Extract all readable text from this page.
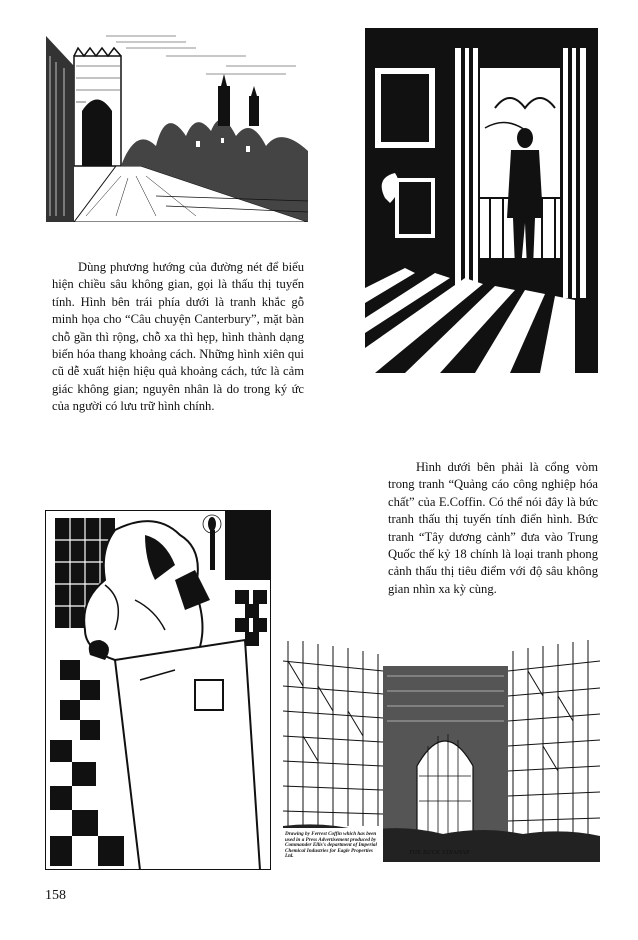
Dùng phương hướng của đường nét để biểu hiện chiều sâu không gian, gọi là thấu thị tuyến tính. Hình bên trái phía dưới là tranh khắc gỗ minh họa cho “Câu chuyện Canterbury”, mặt bàn chỗ gần thì rộng, chỗ xa thì hẹp, hình thành dạng biến hóa thang khoảng cách. Những hình xiên qui cũ dễ xuất hiện hiệu quả khoảng cách, tức là cảm giác không gian; nguyên nhân là do trong ký ức của người có lưu trữ hình chính.

Hình dưới bên phải là cổng vòm trong tranh “Quảng cáo công nghiệp hóa chất” của E.Coffin. Có thể nói đây là bức tranh thấu thị tuyến tính điển hình. Bức tranh “Tây dương cảnh” đưa vào Trung Quốc thế kỷ 18 chính là loại tranh phong cảnh thấu thị tiêu điểm với độ sâu không gian nhìn xa kỳ cùng.

Drawing by Ferrest Coffin which has been used in a Press Advertisement produced by Commander Ellis's department of Imperial Chemical Industries for Eagle Properties Ltd.
THE BUCK STRAHAN
158
